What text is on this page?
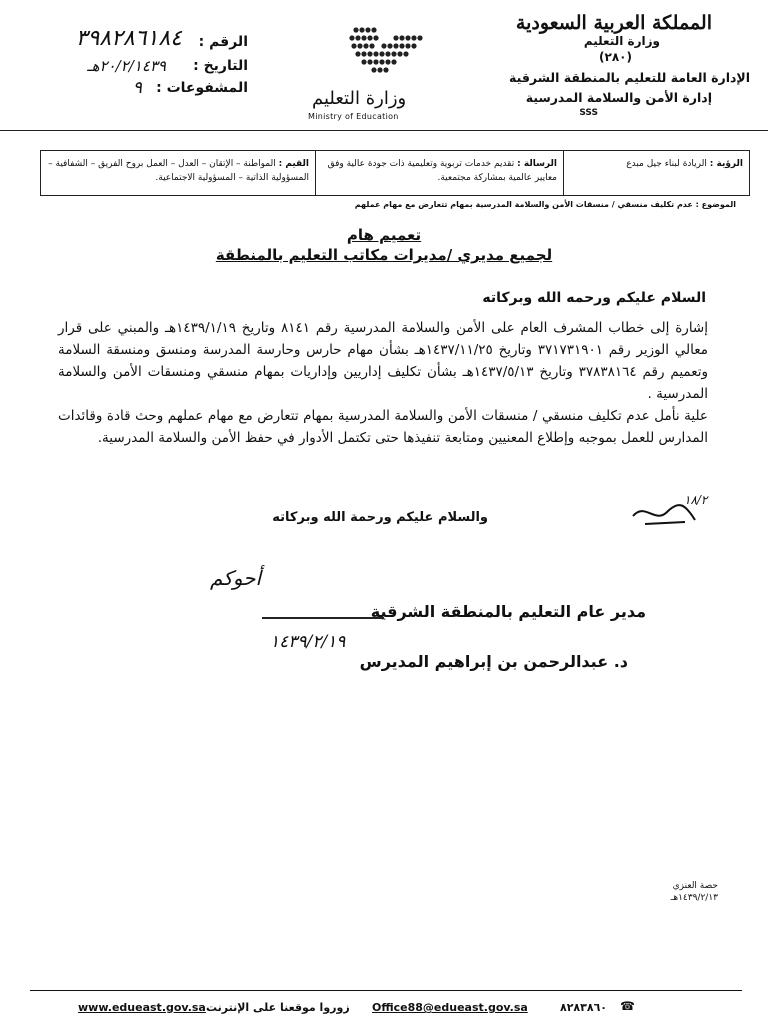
المملكة العربية السعودية
وزارة التعليم
(٢٨٠)
الإدارة العامة للتعليم بالمنطقة الشرقية
إدارة الأمن والسلامة المدرسية
SSS
وزارة التعليم
Ministry of Education
الرقم :
٣٩٨٢٨٦١٨٤
التاريخ :
٢٠/٢/١٤٣٩هـ
المشفوعات :
٩
الرؤية : الريادة لبناء جيل مبدع
الرسالة : تقديم خدمات تربوية وتعليمية ذات جودة عالية وفق معايير عالمية بمشاركة مجتمعية.
القيم : المواطنة – الإتقان – العدل – العمل بروح الفريق – الشفافية – المسؤولية الذاتية – المسؤولية الاجتماعية.
الموضوع : عدم تكليف منسقي / منسقات الأمن والسلامة المدرسية بمهام تتعارض مع مهام عملهم
تعميم هام
لجميع مديري /مديرات مكاتب التعليم بالمنطقة
السلام عليكم ورحمه الله وبركاته

إشارة إلى خطاب المشرف العام على الأمن والسلامة المدرسية رقم ٨١٤١ وتاريخ ١٤٣٩/١/١٩هـ والمبني على قرار معالي الوزير رقم ٣٧١٧٣١٩٠١ وتاريخ ١٤٣٧/١١/٢٥هـ بشأن مهام حارس وحارسة المدرسة ومنسق ومنسقة السلامة وتعميم رقم ٣٧٨٣٨١٦٤ وتاريخ ١٤٣٧/٥/١٣هـ بشأن تكليف إداريين وإداريات بمهام منسقي ومنسقات الأمن والسلامة المدرسية .

علية نأمل عدم تكليف منسقي / منسقات الأمن والسلامة المدرسية بمهام تتعارض مع مهام عملهم وحث قادة وقائدات المدارس للعمل بموجبه وإطلاع المعنيين ومتابعة تنفيذها حتى تكتمل الأدوار في حفظ الأمن والسلامة المدرسية.

والسلام عليكم ورحمة الله وبركاته
١٨/٢
أحوكم
مدير عام التعليم بالمنطقة الشرقية
١٤٣٩/٢/١٩
د. عبدالرحمن بن إبراهيم المديرس
حصة العنزي
١٤٣٩/٢/١٣هـ
www.edueast.gov.sa زوروا موقعنا على الإنترنت Office88@edueast.gov.sa	٨٢٨٣٨٦٠ ☎
